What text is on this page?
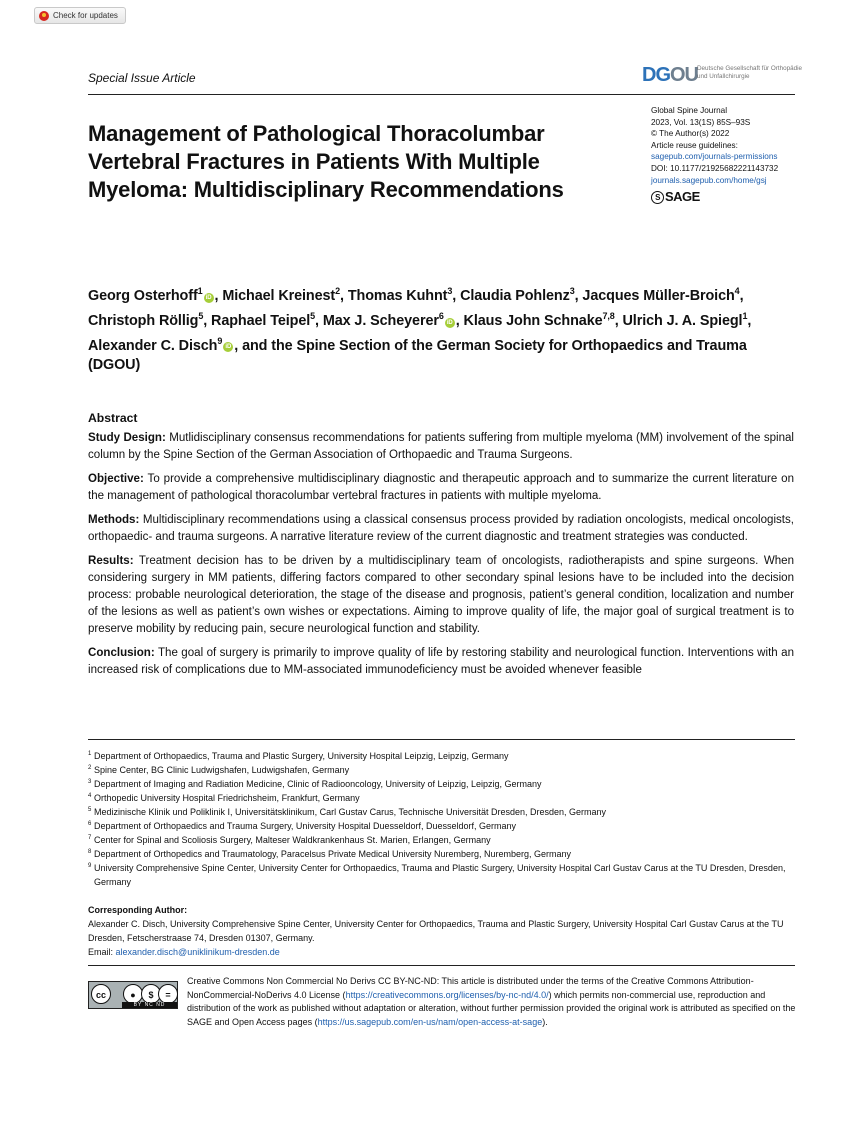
Check for updates
Special Issue Article	DGOU Deutsche Gesellschaft für Orthopädie und Unfallchirurgie
Global Spine Journal
2023, Vol. 13(1S) 85S–93S
© The Author(s) 2022
Article reuse guidelines:
sagepub.com/journals-permissions
DOI: 10.1177/21925682221143732
journals.sagepub.com/home/gsj
S SAGE
Management of Pathological Thoracolumbar Vertebral Fractures in Patients With Multiple Myeloma: Multidisciplinary Recommendations
Georg Osterhoff$^1$iD , Michael Kreinest$^2$, Thomas Kuhnt$^3$, Claudia Pohlenz$^3$, Jacques Müller-Broich$^4$, Christoph Röllig$^5$, Raphael Teipel$^5$, Max J. Scheyerer$^6$iD , Klaus John Schnake$^{7,8}$, Ulrich J. A. Spiegl$^1$, Alexander C. Disch$^9$iD , and the Spine Section of the German Society for Orthopaedics and Trauma (DGOU)
Abstract

Study Design: Mutlidisciplinary consensus recommendations for patients suffering from multiple myeloma (MM) involvement of the spinal column by the Spine Section of the German Association of Orthopaedic and Trauma Surgeons.

Objective: To provide a comprehensive multidisciplinary diagnostic and therapeutic approach and to summarize the current literature on the management of pathological thoracolumbar vertebral fractures in patients with multiple myeloma.

Methods: Multidisciplinary recommendations using a classical consensus process provided by radiation oncologists, medical oncologists, orthopaedic- and trauma surgeons. A narrative literature review of the current diagnostic and treatment strategies was conducted.

Results: Treatment decision has to be driven by a multidisciplinary team of oncologists, radiotherapists and spine surgeons. When considering surgery in MM patients, differing factors compared to other secondary spinal lesions have to be included into the decision process: probable neurological deterioration, the stage of the disease and prognosis, patient’s general condition, localization and number of the lesions as well as patient’s own wishes or expectations. Aiming to improve quality of life, the major goal of surgical treatment is to preserve mobility by reducing pain, secure neurological function and stability.

Conclusion: The goal of surgery is primarily to improve quality of life by restoring stability and neurological function. Interventions with an increased risk of complications due to MM-associated immunodeficiency must be avoided whenever feasible

1 Department of Orthopaedics, Trauma and Plastic Surgery, University Hospital Leipzig, Leipzig, Germany
2 Spine Center, BG Clinic Ludwigshafen, Ludwigshafen, Germany
3 Department of Imaging and Radiation Medicine, Clinic of Radiooncology, University of Leipzig, Leipzig, Germany
4 Orthopedic University Hospital Friedrichsheim, Frankfurt, Germany
5 Medizinische Klinik und Poliklinik I, Universitätsklinikum, Carl Gustav Carus, Technische Universität Dresden, Dresden, Germany
6 Department of Orthopaedics and Trauma Surgery, University Hospital Duesseldorf, Duesseldorf, Germany
7 Center for Spinal and Scoliosis Surgery, Malteser Waldkrankenhaus St. Marien, Erlangen, Germany
8 Department of Orthopedics and Traumatology, Paracelsus Private Medical University Nuremberg, Nuremberg, Germany
9 University Comprehensive Spine Center, University Center for Orthopaedics, Trauma and Plastic Surgery, University Hospital Carl Gustav Carus at the TU Dresden, Dresden, Germany
Corresponding Author:
Alexander C. Disch, University Comprehensive Spine Center, University Center for Orthopaedics, Trauma and Plastic Surgery, University Hospital Carl Gustav Carus at the TU Dresden, Fetscherstraase 74, Dresden 01307, Germany.
Email: alexander.disch@uniklinikum-dresden.de
cc	●	$	=
BY NC ND
Creative Commons Non Commercial No Derivs CC BY-NC-ND: This article is distributed under the terms of the Creative Commons Attribution-NonCommercial-NoDerivs 4.0 License (https://creativecommons.org/licenses/by-nc-nd/4.0/) which permits non-commercial use, reproduction and distribution of the work as published without adaptation or alteration, without further permission provided the original work is attributed as specified on the SAGE and Open Access pages (https://us.sagepub.com/en-us/nam/open-access-at-sage).
